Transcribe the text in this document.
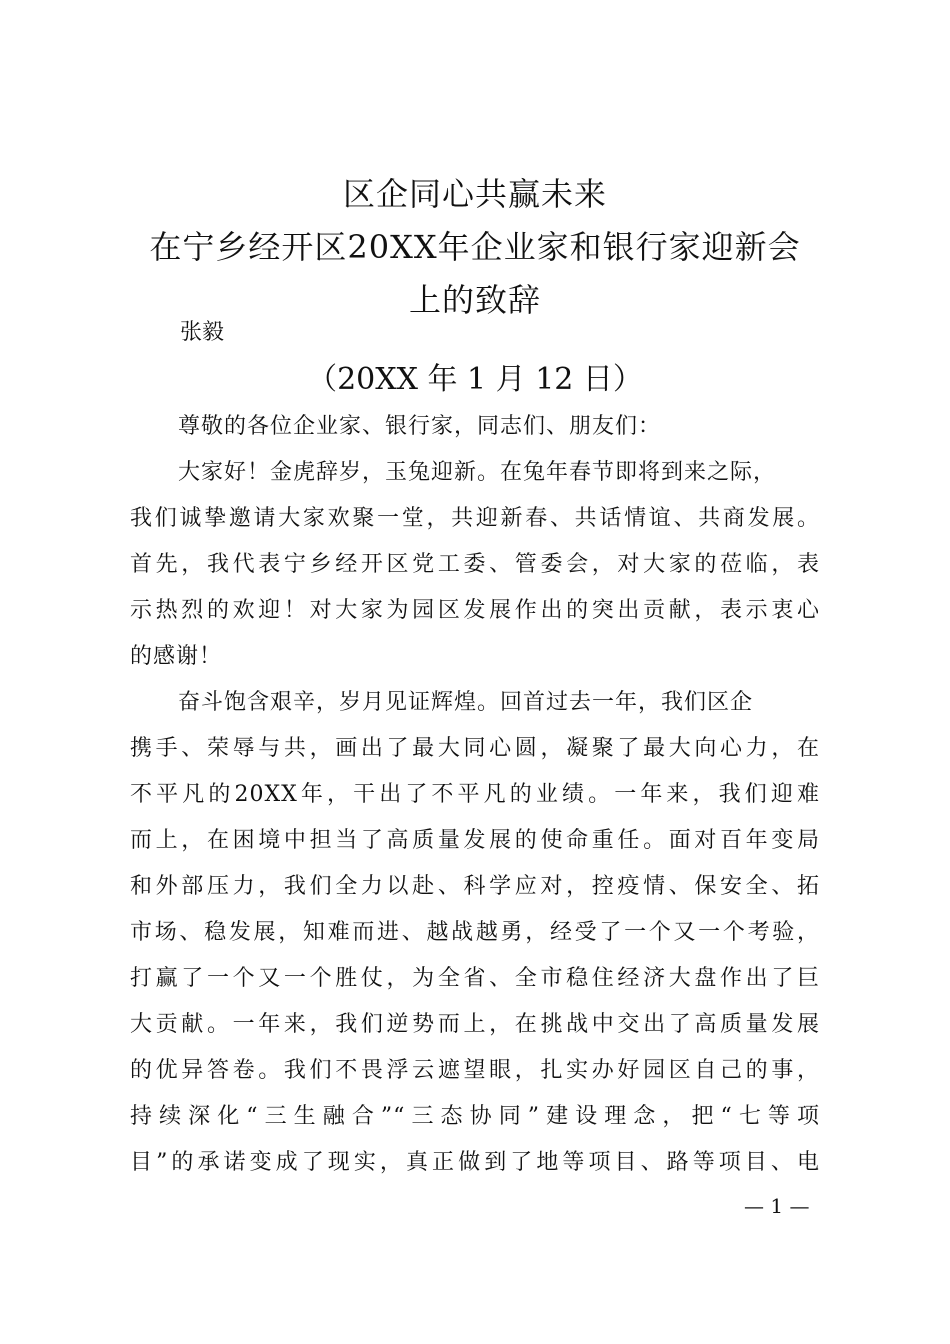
区企同心共赢未来
在宁乡经开区20XX年企业家和银行家迎新会
上的致辞
张毅
（20XX 年 1 月 12 日）
尊敬的各位企业家、银行家，同志们、朋友们：
大家好！金虎辞岁，玉兔迎新。在兔年春节即将到来之际，
我们诚挚邀请大家欢聚一堂，共迎新春、共话情谊、共商发展。
首先，我代表宁乡经开区党工委、管委会，对大家的莅临，表
示热烈的欢迎！对大家为园区发展作出的突出贡献，表示衷心
的感谢！
奋斗饱含艰辛，岁月见证辉煌。回首过去一年，我们区企
携手、荣辱与共，画出了最大同心圆，凝聚了最大向心力，在
不平凡的20XX年，干出了不平凡的业绩。一年来，我们迎难
而上，在困境中担当了高质量发展的使命重任。面对百年变局
和外部压力，我们全力以赴、科学应对，控疫情、保安全、拓
市场、稳发展，知难而进、越战越勇，经受了一个又一个考验，
打赢了一个又一个胜仗，为全省、全市稳住经济大盘作出了巨
大贡献。一年来，我们逆势而上，在挑战中交出了高质量发展
的优异答卷。我们不畏浮云遮望眼，扎实办好园区自己的事，
持续深化“三生融合”“三态协同”建设理念，把“七等项
目”的承诺变成了现实，真正做到了地等项目、路等项目、电
— 1 —
